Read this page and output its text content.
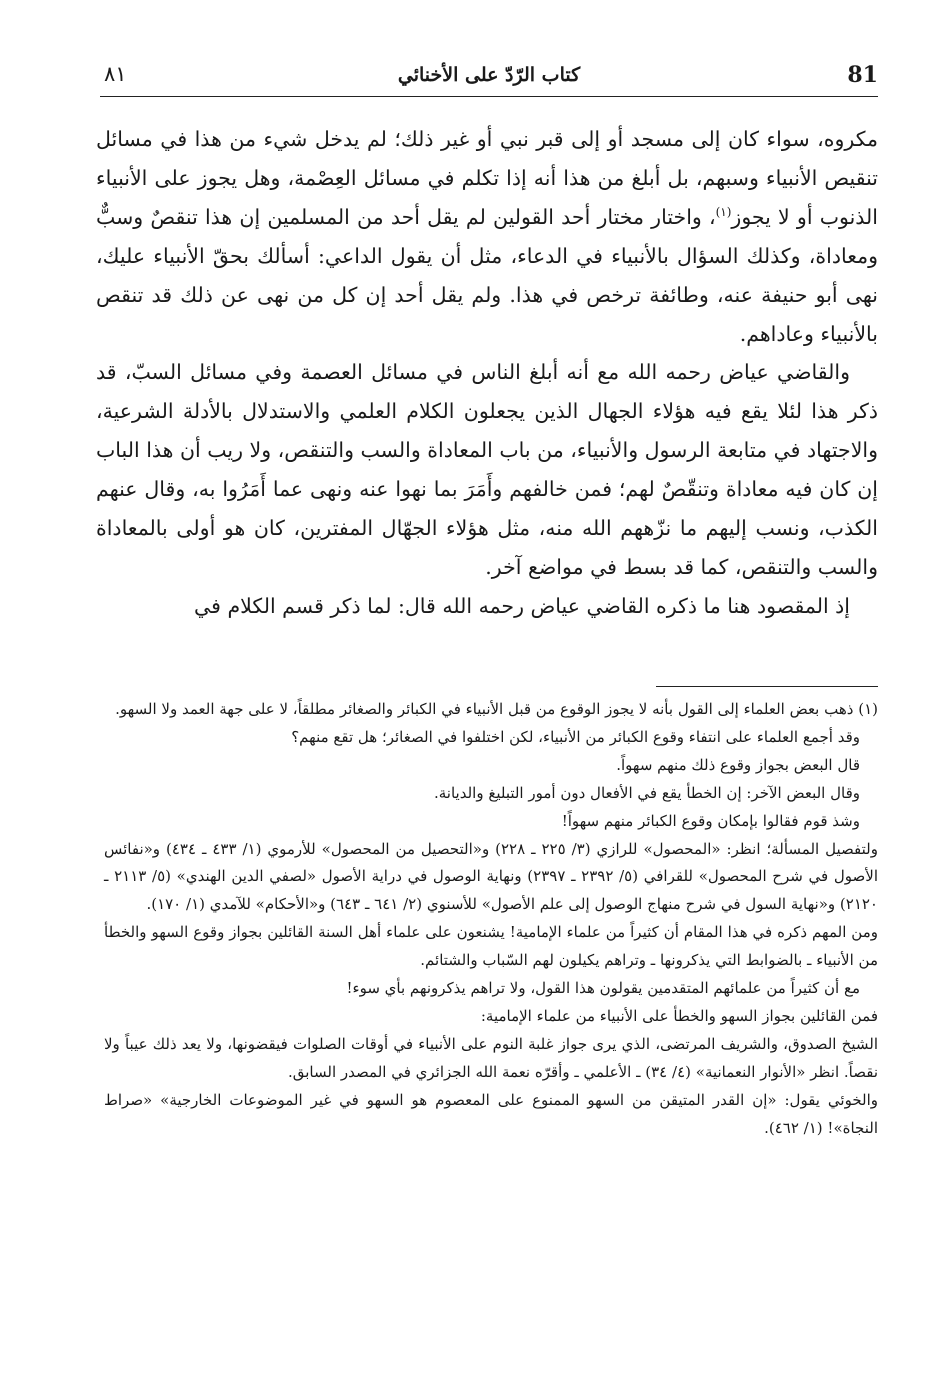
81
كتاب الرّدّ على الأخنائي
٨١

مكروه، سواء كان إلى مسجد أو إلى قبر نبي أو غير ذلك؛ لم يدخل شيء من هذا في مسائل تنقيص الأنبياء وسبهم، بل أبلغ من هذا أنه إذا تكلم في مسائل العِصْمة، وهل يجوز على الأنبياء الذنوب أو لا يجوز$^{(١)}$، واختار مختار أحد القولين لم يقل أحد من المسلمين إن هذا تنقصٌ وسبٌّ ومعاداة، وكذلك السؤال بالأنبياء في الدعاء، مثل أن يقول الداعي: أسألك بحقّ الأنبياء عليك، نهى أبو حنيفة عنه، وطائفة ترخص في هذا. ولم يقل أحد إن كل من نهى عن ذلك قد تنقص بالأنبياء وعاداهم.

والقاضي عياض رحمه الله مع أنه أبلغ الناس في مسائل العصمة وفي مسائل السبّ، قد ذكر هذا لئلا يقع فيه هؤلاء الجهال الذين يجعلون الكلام العلمي والاستدلال بالأدلة الشرعية، والاجتهاد في متابعة الرسول والأنبياء، من باب المعاداة والسب والتنقص، ولا ريب أن هذا الباب إن كان فيه معاداة وتنقّصٌ لهم؛ فمن خالفهم وأَمَرَ بما نهوا عنه ونهى عما أَمَرُوا به، وقال عنهم الكذب، ونسب إليهم ما نزّههم الله منه، مثل هؤلاء الجهّال المفترين، كان هو أولى بالمعاداة والسب والتنقص، كما قد بسط في مواضع آخر.

إذ المقصود هنا ما ذكره القاضي عياض رحمه الله قال: لما ذكر قسم الكلام في

(١) ذهب بعض العلماء إلى القول بأنه لا يجوز الوقوع من قبل الأنبياء في الكبائر والصغائر مطلقاً، لا على جهة العمد ولا السهو.

وقد أجمع العلماء على انتفاء وقوع الكبائر من الأنبياء، لكن اختلفوا في الصغائر؛ هل تقع منهم؟

قال البعض بجواز وقوع ذلك منهم سهواً.

وقال البعض الآخر: إن الخطأ يقع في الأفعال دون أمور التبليغ والديانة.

وشذ قوم فقالوا بإمكان وقوع الكبائر منهم سهواً!

ولتفصيل المسألة؛ انظر: «المحصول» للرازي (٣/ ٢٢٥ ـ ٢٢٨) و«التحصيل من المحصول» للأرموي (١/ ٤٣٣ ـ ٤٣٤) و«نفائس الأصول في شرح المحصول» للقرافي (٥/ ٢٣٩٢ ـ ٢٣٩٧) ونهاية الوصول في دراية الأصول «لصفي الدين الهندي» (٥/ ٢١١٣ ـ ٢١٢٠) و«نهاية السول في شرح منهاج الوصول إلى علم الأصول» للأسنوي (٢/ ٦٤١ ـ ٦٤٣) و«الأحكام» للآمدي (١/ ١٧٠).

ومن المهم ذكره في هذا المقام أن كثيراً من علماء الإمامية! يشنعون على علماء أهل السنة القائلين بجواز وقوع السهو والخطأ من الأنبياء ـ بالضوابط التي يذكرونها ـ وتراهم يكيلون لهم السّباب والشتائم.

مع أن كثيراً من علمائهم المتقدمين يقولون هذا القول، ولا تراهم يذكرونهم بأي سوء!

فمن القائلين بجواز السهو والخطأ على الأنبياء من علماء الإمامية:

الشيخ الصدوق، والشريف المرتضى، الذي يرى جواز غلبة النوم على الأنبياء في أوقات الصلوات فيقضونها، ولا يعد ذلك عيباً ولا نقصاً. انظر «الأنوار النعمانية» (٤/ ٣٤) ـ الأعلمي ـ وأقرّه نعمة الله الجزائري في المصدر السابق.

والخوئي يقول: «إن القدر المتيقن من السهو الممنوع على المعصوم هو السهو في غير الموضوعات الخارجية» «صراط النجاة»! (١/ ٤٦٢).
